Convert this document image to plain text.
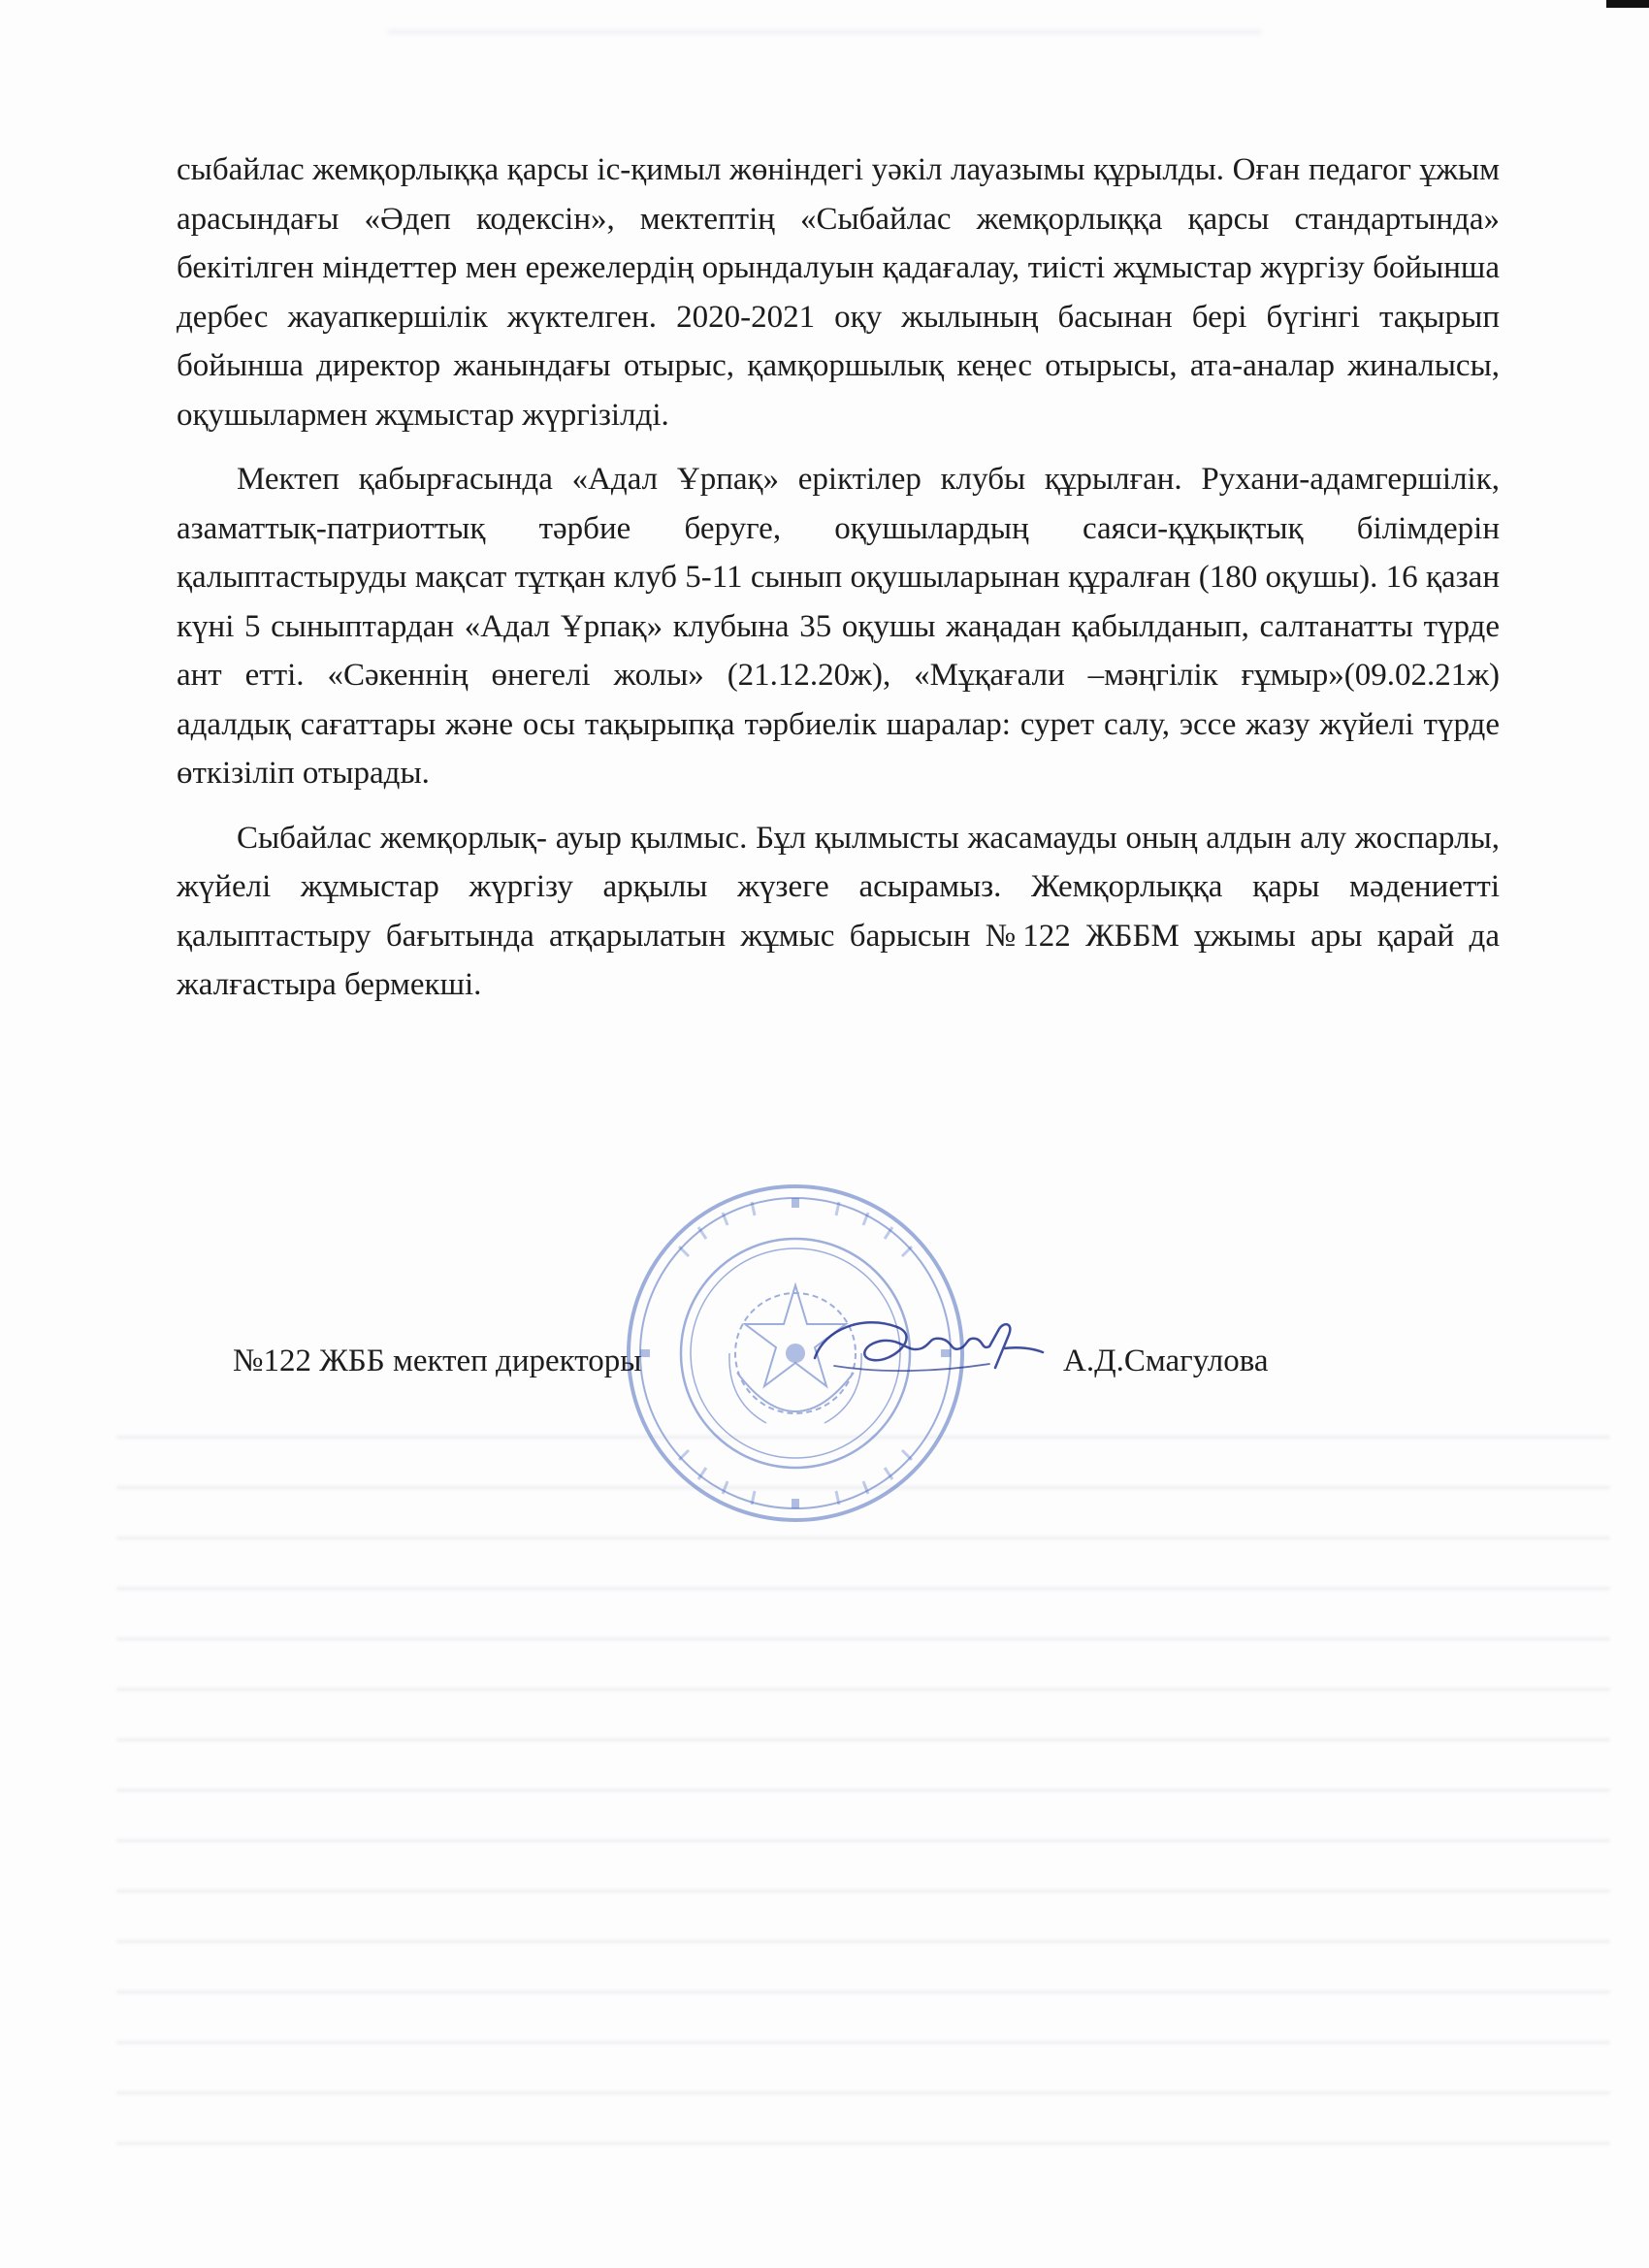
сыбайлас жемқорлыққа қарсы іс-қимыл жөніндегі уәкіл лауазымы құрылды. Оған педагог ұжым арасындағы «Әдеп кодексін», мектептің «Сыбайлас жемқорлыққа қарсы стандартында» бекітілген міндеттер мен ережелердің орындалуын қадағалау, тиісті жұмыстар жүргізу бойынша дербес жауапкершілік жүктелген. 2020-2021 оқу жылының басынан бері бүгінгі тақырып бойынша директор жанындағы отырыс, қамқоршылық кеңес отырысы, ата-аналар жиналысы, оқушылармен жұмыстар жүргізілді.

Мектеп қабырғасында «Адал Ұрпақ» еріктілер клубы құрылған. Рухани-адамгершілік, азаматтық-патриоттық тәрбие беруге, оқушылардың саяси-құқықтық білімдерін қалыптастыруды мақсат тұтқан клуб 5-11 сынып оқушыларынан құралған (180 оқушы). 16 қазан күні 5 сыныптардан «Адал Ұрпақ» клубына 35 оқушы жаңадан қабылданып, салтанатты түрде ант етті. «Сәкеннің өнегелі жолы» (21.12.20ж), «Мұқағали –мәңгілік ғұмыр»(09.02.21ж) адалдық сағаттары және осы тақырыпқа тәрбиелік шаралар: сурет салу, эссе жазу жүйелі түрде өткізіліп отырады.

Сыбайлас жемқорлық- ауыр қылмыс. Бұл қылмысты жасамауды оның алдын алу жоспарлы, жүйелі жұмыстар жүргізу арқылы жүзеге асырамыз. Жемқорлыққа қары мәдениетті қалыптастыру бағытында атқарылатын жұмыс барысын №122 ЖББМ ұжымы ары қарай да жалғастыра бермекші.

№122 ЖББ мектеп директоры	А.Д.Смагулова
